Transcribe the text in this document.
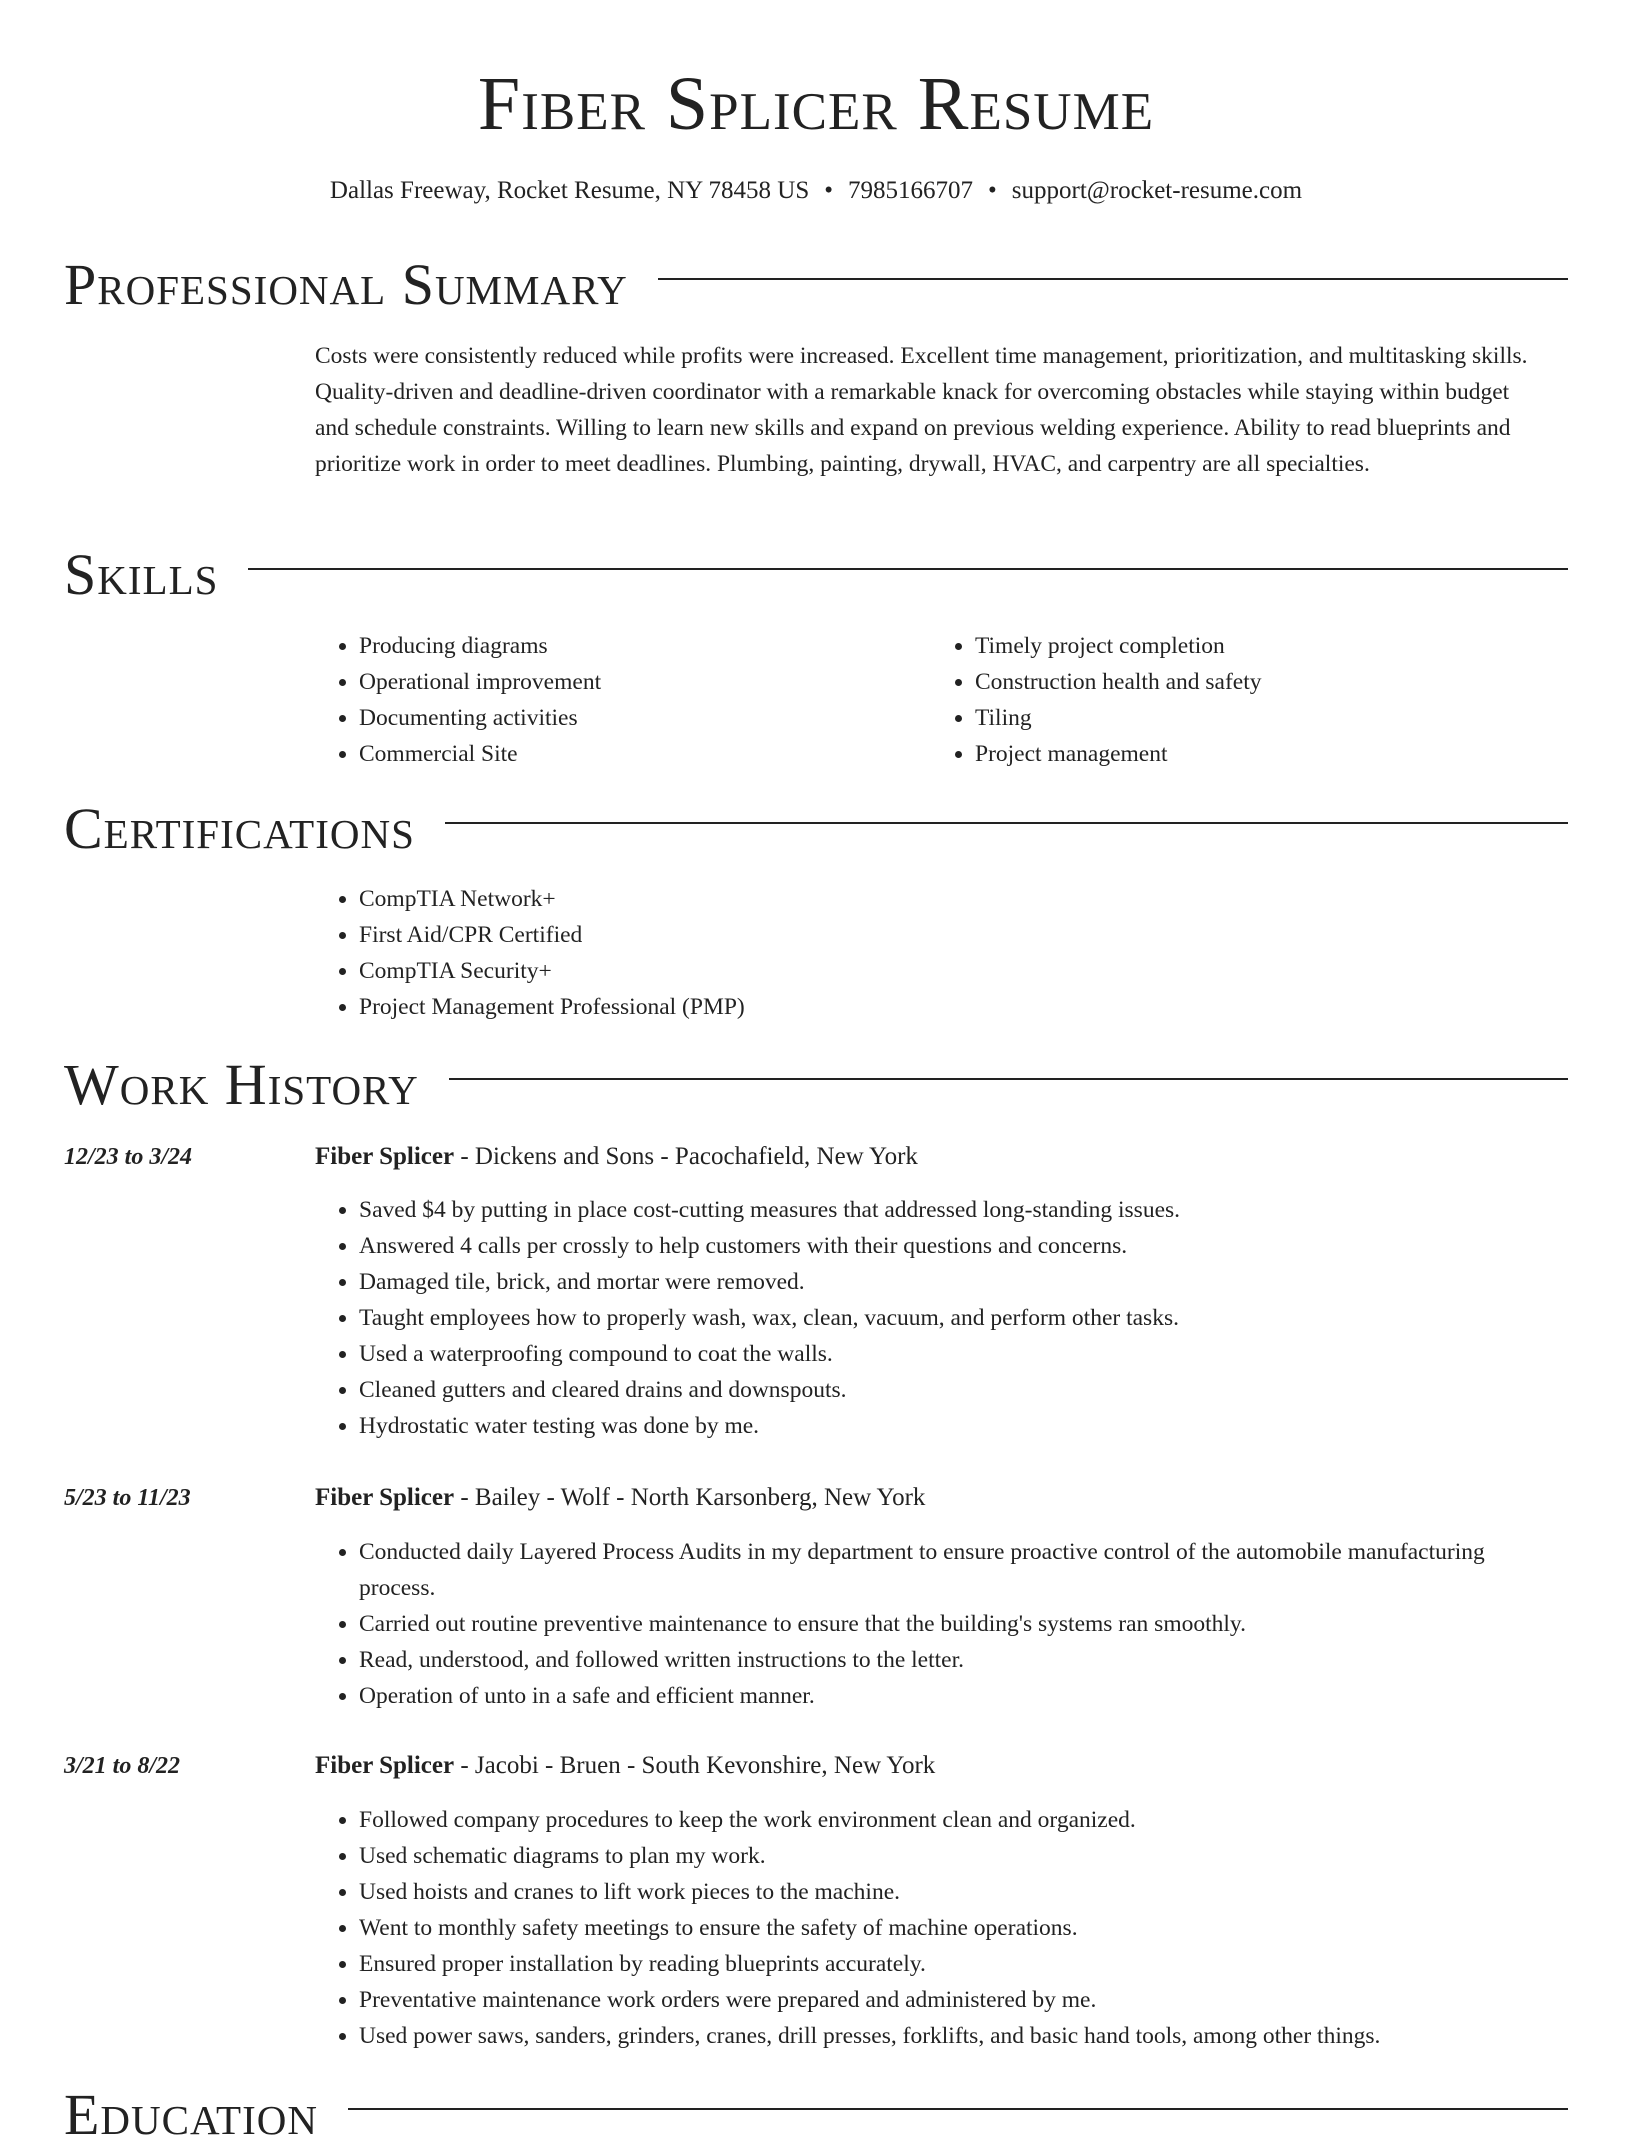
Fiber Splicer Resume
Dallas Freeway, Rocket Resume, NY 78458 US • 7985166707 • support@rocket-resume.com
Professional Summary

Costs were consistently reduced while profits were increased. Excellent time management, prioritization, and multitasking skills. Quality-driven and deadline-driven coordinator with a remarkable knack for overcoming obstacles while staying within budget and schedule constraints. Willing to learn new skills and expand on previous welding experience. Ability to read blueprints and prioritize work in order to meet deadlines. Plumbing, painting, drywall, HVAC, and carpentry are all specialties.

Skills
• Producing diagrams
• Operational improvement
• Documenting activities
• Commercial Site
• Timely project completion
• Construction health and safety
• Tiling
• Project management
Certifications
• CompTIA Network+
• First Aid/CPR Certified
• CompTIA Security+
• Project Management Professional (PMP)
Work History
12/23 to 3/24	Fiber Splicer - Dickens and Sons - Pacochafield, New York
• Saved $4 by putting in place cost-cutting measures that addressed long-standing issues.
• Answered 4 calls per crossly to help customers with their questions and concerns.
• Damaged tile, brick, and mortar were removed.
• Taught employees how to properly wash, wax, clean, vacuum, and perform other tasks.
• Used a waterproofing compound to coat the walls.
• Cleaned gutters and cleared drains and downspouts.
• Hydrostatic water testing was done by me.
5/23 to 11/23	Fiber Splicer - Bailey - Wolf - North Karsonberg, New York
• Conducted daily Layered Process Audits in my department to ensure proactive control of the automobile manufacturing process.
• Carried out routine preventive maintenance to ensure that the building's systems ran smoothly.
• Read, understood, and followed written instructions to the letter.
• Operation of unto in a safe and efficient manner.
3/21 to 8/22	Fiber Splicer - Jacobi - Bruen - South Kevonshire, New York
• Followed company procedures to keep the work environment clean and organized.
• Used schematic diagrams to plan my work.
• Used hoists and cranes to lift work pieces to the machine.
• Went to monthly safety meetings to ensure the safety of machine operations.
• Ensured proper installation by reading blueprints accurately.
• Preventative maintenance work orders were prepared and administered by me.
• Used power saws, sanders, grinders, cranes, drill presses, forklifts, and basic hand tools, among other things.
Education
